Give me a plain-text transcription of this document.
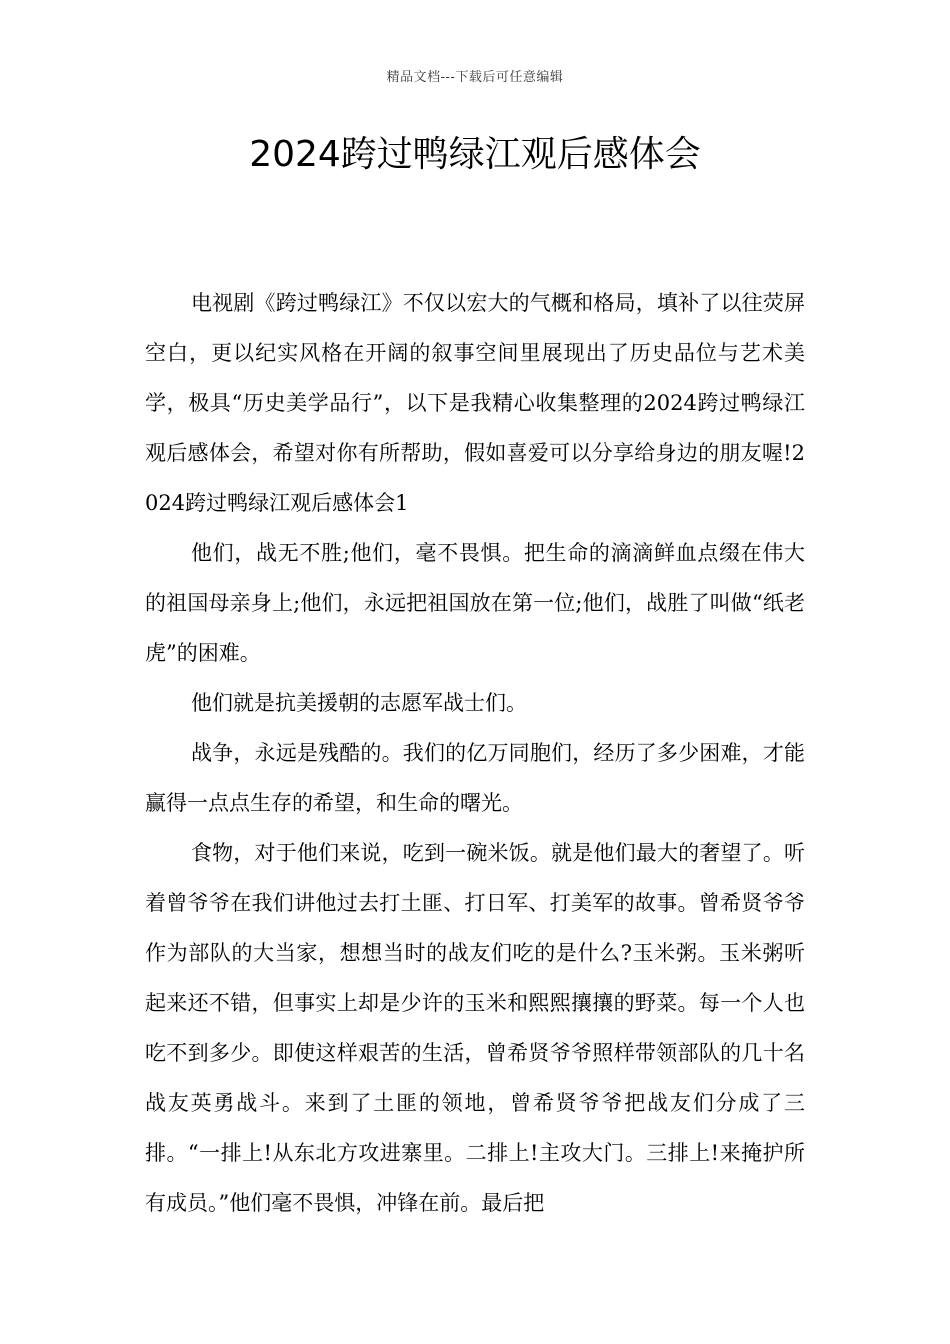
精品文档---下载后可任意编辑
2024跨过鸭绿江观后感体会

电视剧《跨过鸭绿江》不仅以宏大的气概和格局，填补了以往荧屏空白，更以纪实风格在开阔的叙事空间里展现出了历史品位与艺术美学，极具“历史美学品行”，以下是我精心收集整理的2024跨过鸭绿江观后感体会，希望对你有所帮助，假如喜爱可以分享给身边的朋友喔!2024跨过鸭绿江观后感体会1

他们，战无不胜;他们，毫不畏惧。把生命的滴滴鲜血点缀在伟大的祖国母亲身上;他们，永远把祖国放在第一位;他们，战胜了叫做“纸老虎”的困难。

他们就是抗美援朝的志愿军战士们。

战争，永远是残酷的。我们的亿万同胞们，经历了多少困难，才能赢得一点点生存的希望，和生命的曙光。

食物，对于他们来说，吃到一碗米饭。就是他们最大的奢望了。听着曾爷爷在我们讲他过去打土匪、打日军、打美军的故事。曾希贤爷爷作为部队的大当家，想想当时的战友们吃的是什么?玉米粥。玉米粥听起来还不错，但事实上却是少许的玉米和熙熙攘攘的野菜。每一个人也吃不到多少。即使这样艰苦的生活，曾希贤爷爷照样带领部队的几十名战友英勇战斗。来到了土匪的领地，曾希贤爷爷把战友们分成了三排。“一排上!从东北方攻进寨里。二排上!主攻大门。三排上!来掩护所有成员。”他们毫不畏惧，冲锋在前。最后把
